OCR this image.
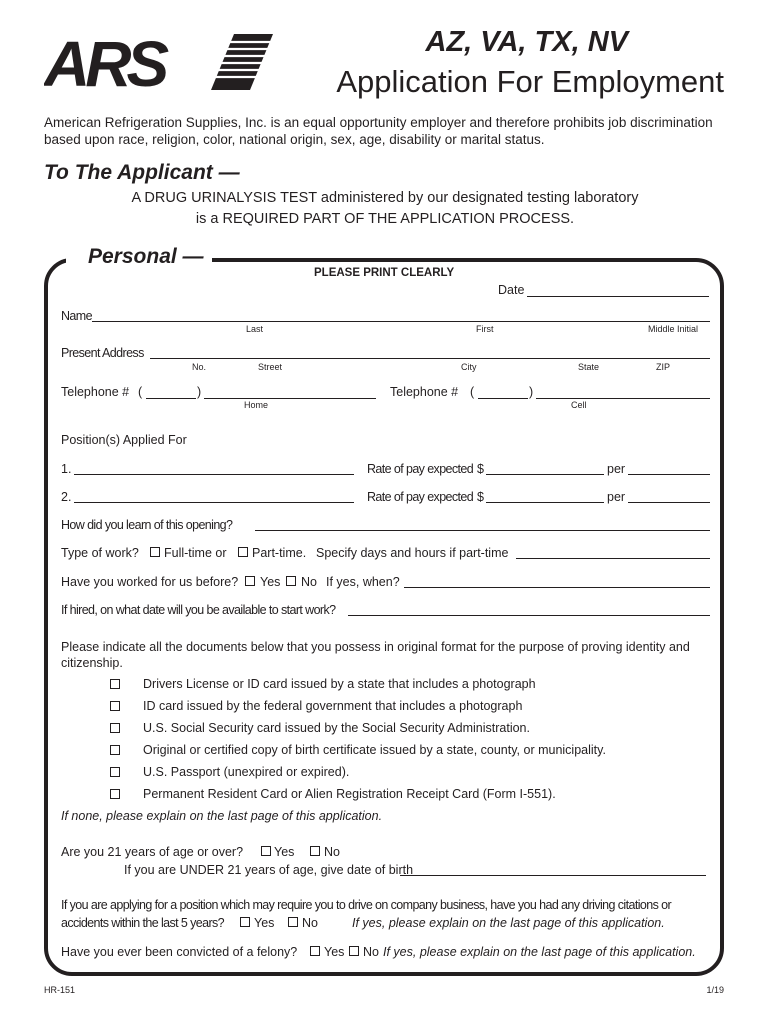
ARS	AZ, VA, TX, NV
Application For Employment
American Refrigeration Supplies, Inc. is an equal opportunity employer and therefore prohibits job discrimination based upon race, religion, color, national origin, sex, age, disability or marital status.
To The Applicant —
A DRUG URINALYSIS TEST administered by our designated testing laboratory
is a REQUIRED PART OF THE APPLICATION PROCESS.
Personal —
PLEASE PRINT CLEARLY
Date
Name
Last	First	Middle Initial
Present Address
No.	Street	City	State	ZIP
Telephone # (	)
Home
Telephone # (	)
Cell
Position(s) Applied For
1.	Rate of pay expected $	per
2.	Rate of pay expected $	per
How did you learn of this opening?
Type of work? Full-time or Part-time. Specify days and hours if part-time
Have you worked for us before? Yes No If yes, when?
If hired, on what date will you be available to start work?
Please indicate all the documents below that you possess in original format for the purpose of proving identity and citizenship.
Drivers License or ID card issued by a state that includes a photograph
ID card issued by the federal government that includes a photograph
U.S. Social Security card issued by the Social Security Administration.
Original or certified copy of birth certificate issued by a state, county, or municipality.
U.S. Passport (unexpired or expired).
Permanent Resident Card or Alien Registration Receipt Card (Form I-551).
If none, please explain on the last page of this application.
Are you 21 years of age or over? Yes No
If you are UNDER 21 years of age, give date of birth
If you are applying for a position which may require you to drive on company business, have you had any driving citations or
accidents within the last 5 years? Yes No	If yes, please explain on the last page of this application.
Have you ever been convicted of a felony? Yes No If yes, please explain on the last page of this application.
HR-151	1/19
